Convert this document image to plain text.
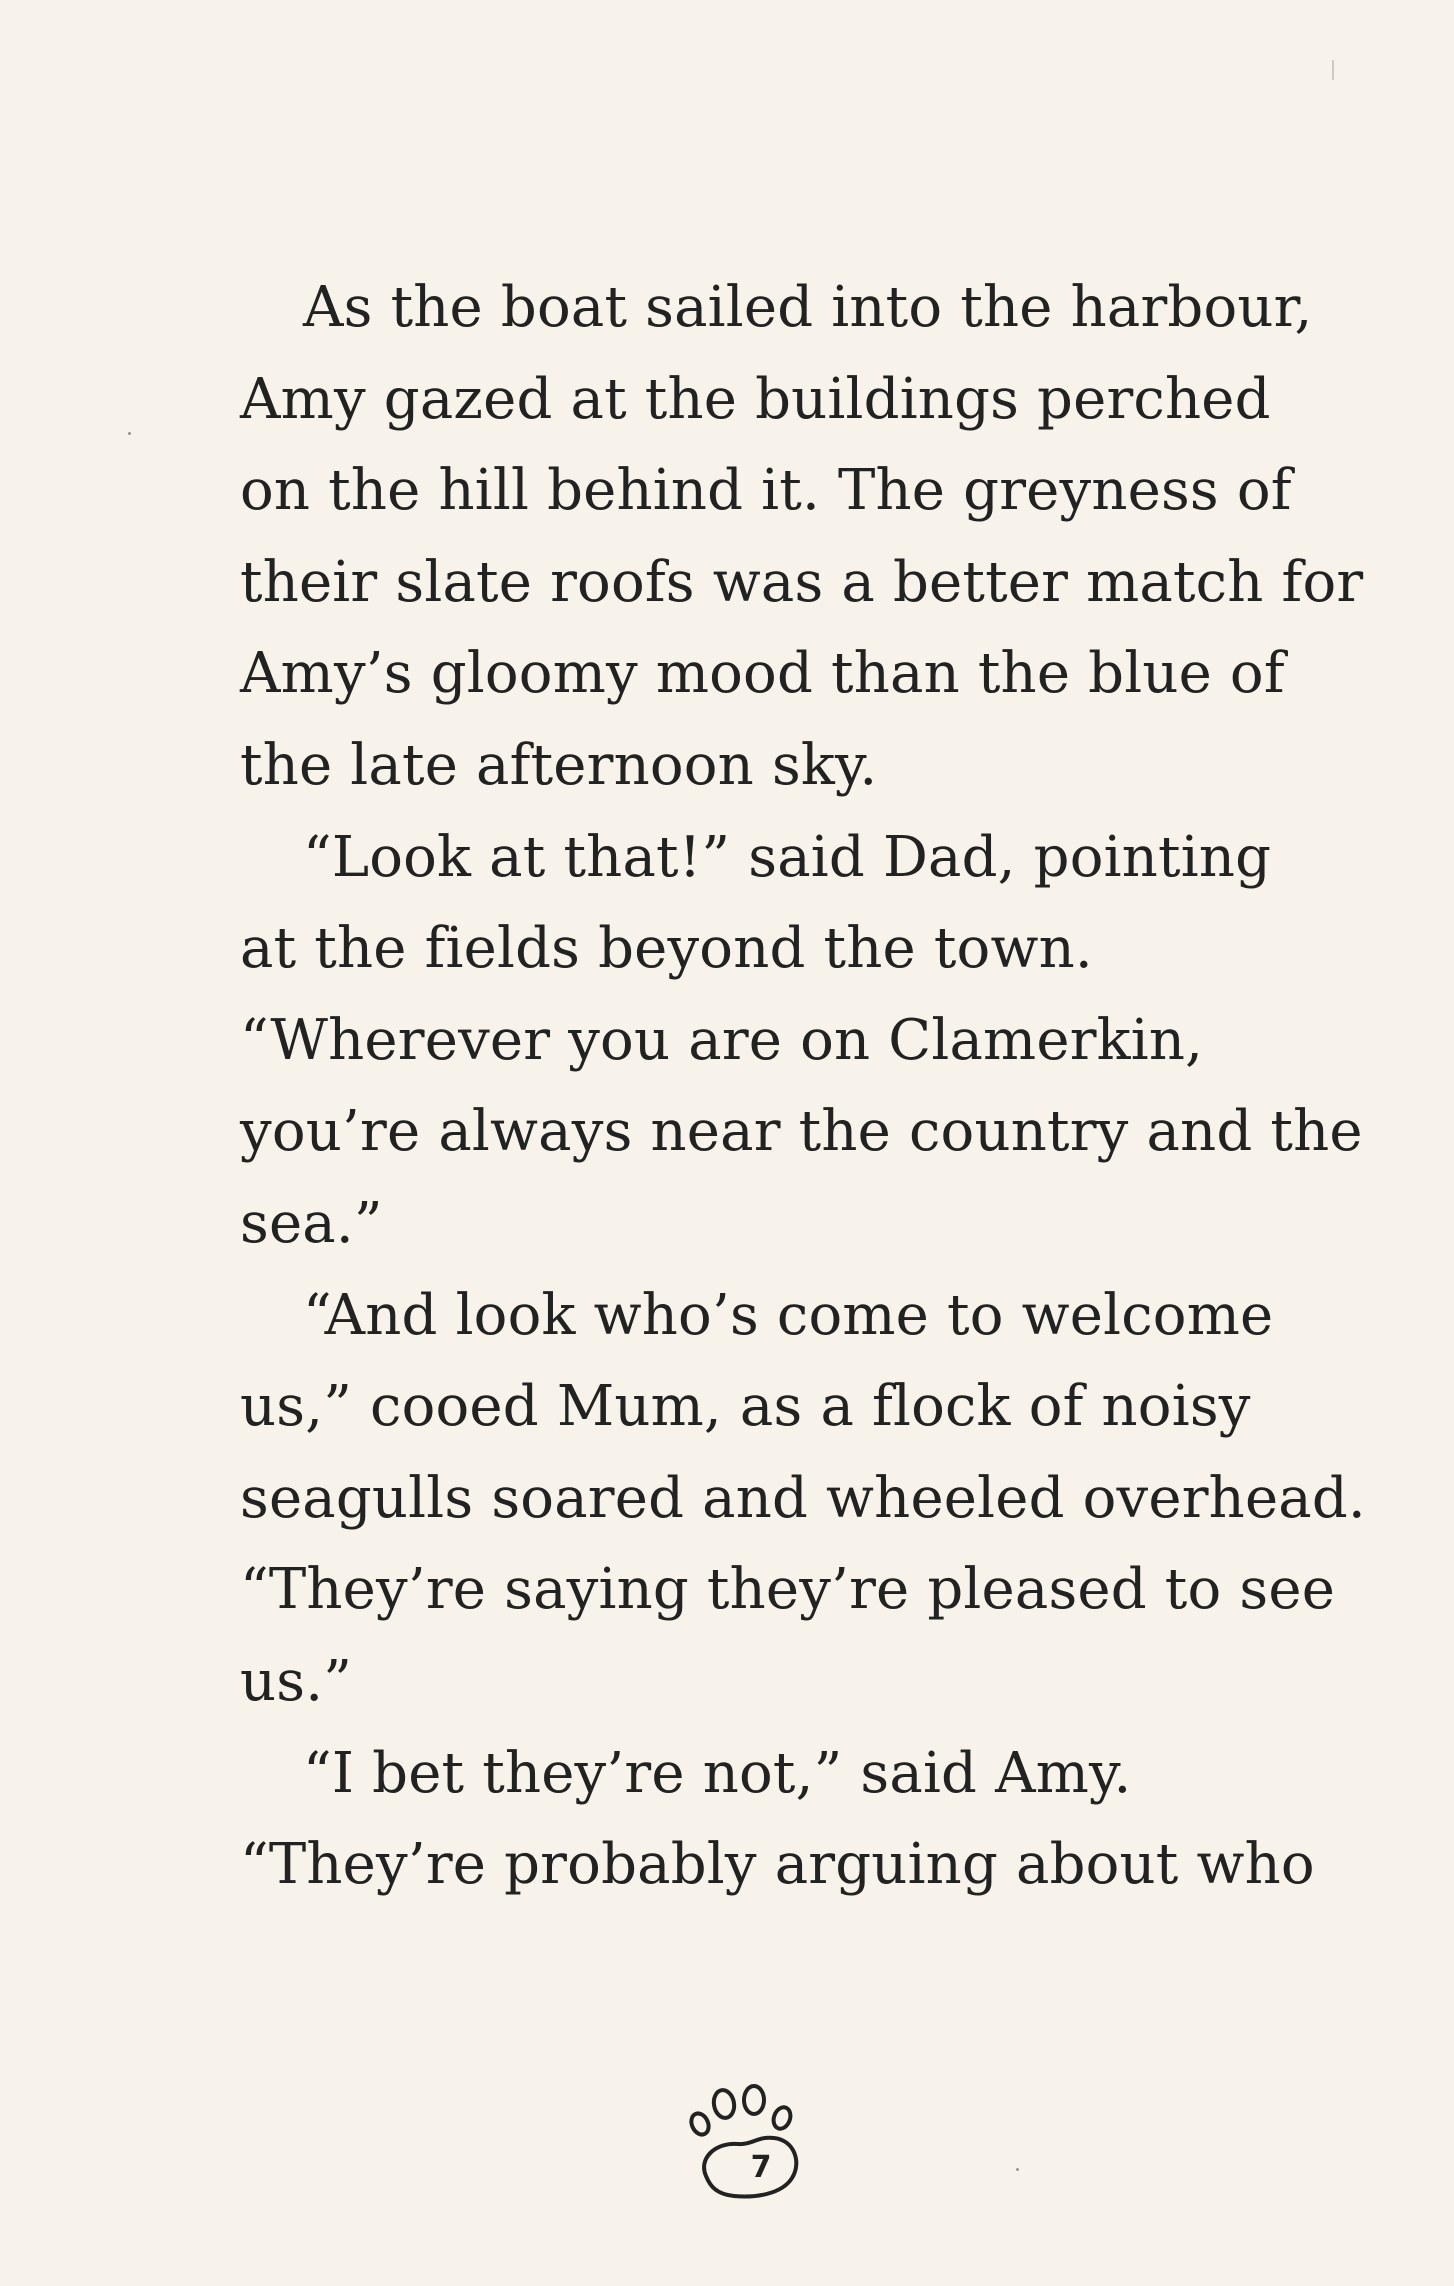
As the boat sailed into the harbour,
Amy gazed at the buildings perched
on the hill behind it. The greyness of
their slate roofs was a better match for
Amy’s gloomy mood than the blue of
the late afternoon sky.
“Look at that!” said Dad, pointing
at the fields beyond the town.
“Wherever you are on Clamerkin,
you’re always near the country and the
sea.”
“And look who’s come to welcome
us,” cooed Mum, as a flock of noisy
seagulls soared and wheeled overhead.
“They’re saying they’re pleased to see
us.”
“I bet they’re not,” said Amy.
“They’re probably arguing about who
7
